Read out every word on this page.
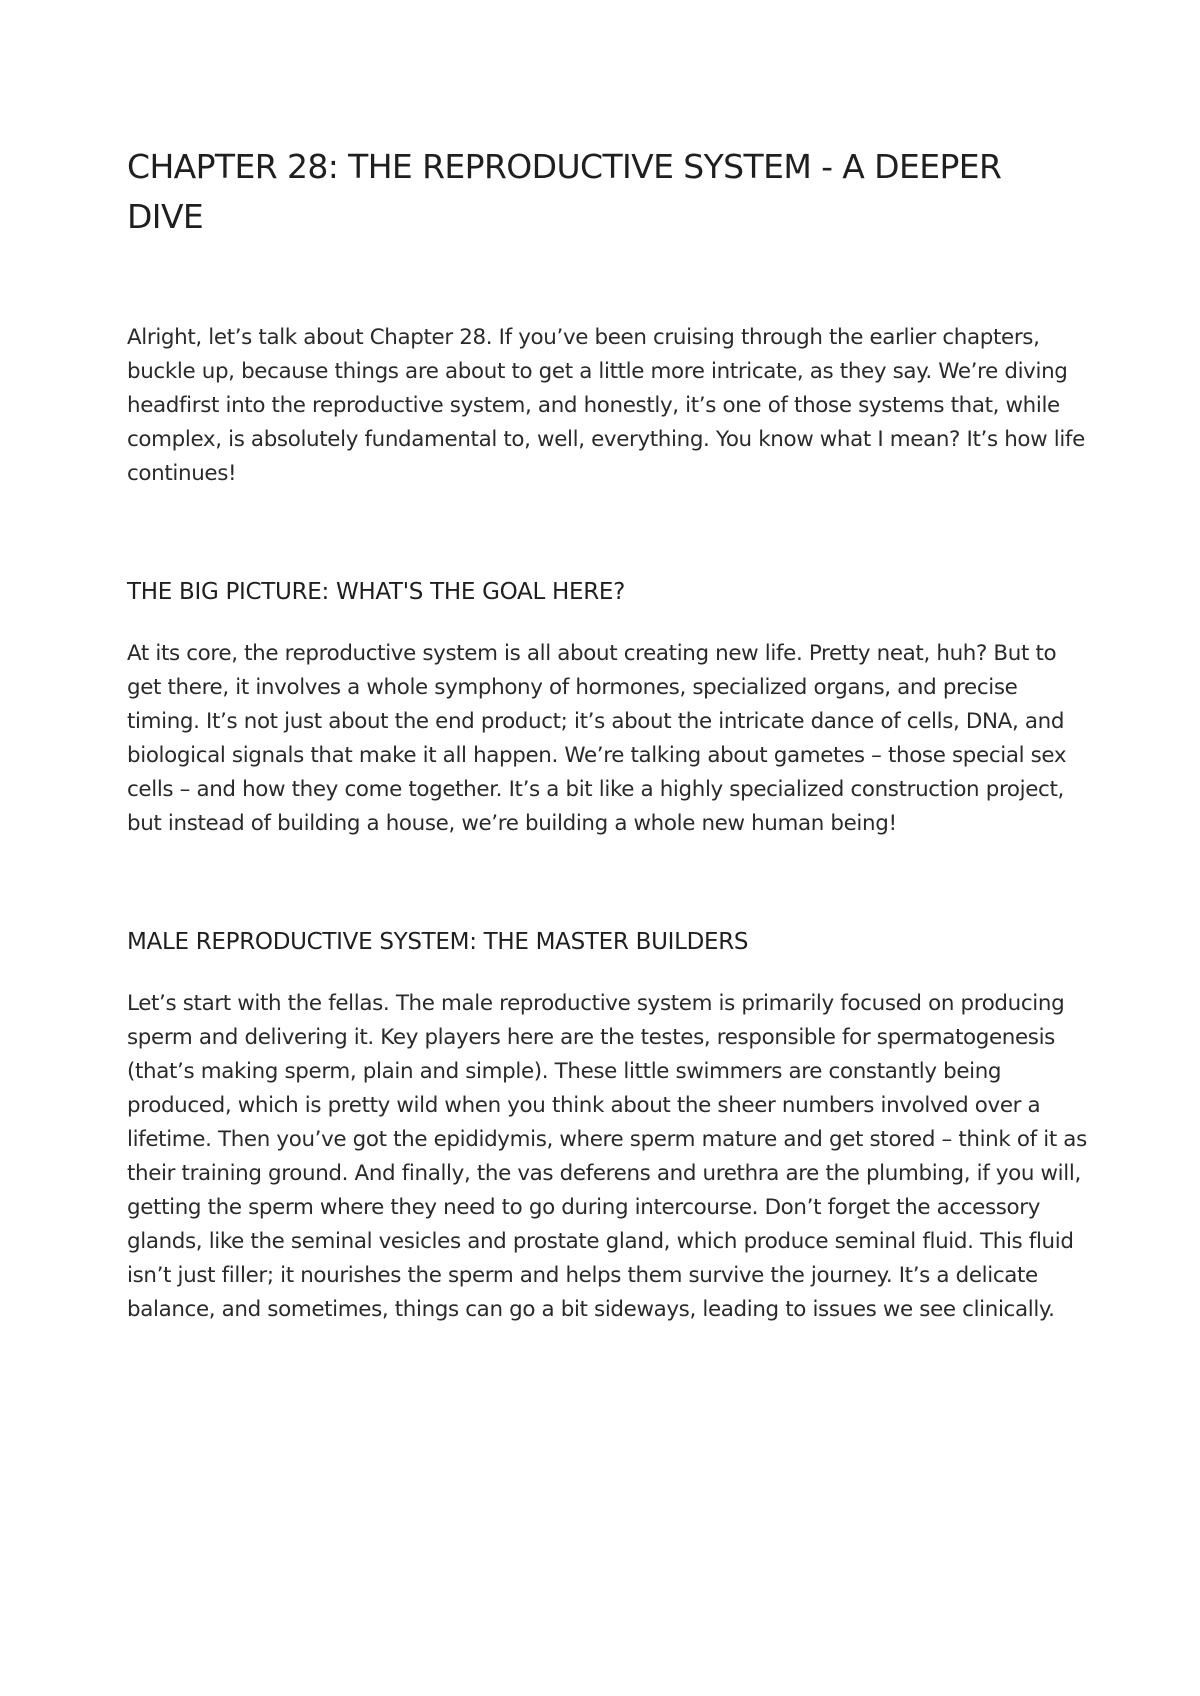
CHAPTER 28: THE REPRODUCTIVE SYSTEM - A DEEPER DIVE

Alright, let’s talk about Chapter 28. If you’ve been cruising through the earlier chapters, buckle up, because things are about to get a little more intricate, as they say. We’re diving headfirst into the reproductive system, and honestly, it’s one of those systems that, while complex, is absolutely fundamental to, well, everything. You know what I mean? It’s how life continues!

THE BIG PICTURE: WHAT'S THE GOAL HERE?

At its core, the reproductive system is all about creating new life. Pretty neat, huh? But to get there, it involves a whole symphony of hormones, specialized organs, and precise timing. It’s not just about the end product; it’s about the intricate dance of cells, DNA, and biological signals that make it all happen. We’re talking about gametes – those special sex cells – and how they come together. It’s a bit like a highly specialized construction project, but instead of building a house, we’re building a whole new human being!

MALE REPRODUCTIVE SYSTEM: THE MASTER BUILDERS

Let’s start with the fellas. The male reproductive system is primarily focused on producing sperm and delivering it. Key players here are the testes, responsible for spermatogenesis (that’s making sperm, plain and simple). These little swimmers are constantly being produced, which is pretty wild when you think about the sheer numbers involved over a lifetime. Then you’ve got the epididymis, where sperm mature and get stored – think of it as their training ground. And finally, the vas deferens and urethra are the plumbing, if you will, getting the sperm where they need to go during intercourse. Don’t forget the accessory glands, like the seminal vesicles and prostate gland, which produce seminal fluid. This fluid isn’t just filler; it nourishes the sperm and helps them survive the journey. It’s a delicate balance, and sometimes, things can go a bit sideways, leading to issues we see clinically.
